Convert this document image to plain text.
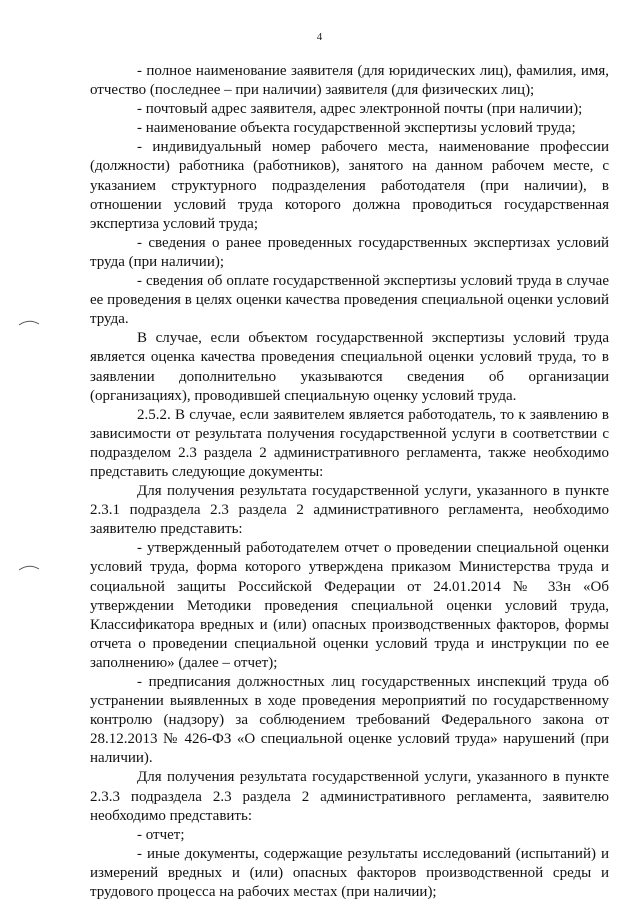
4

- полное наименование заявителя (для юридических лиц), фамилия, имя, отчество (последнее – при наличии) заявителя (для физических лиц);

- почтовый адрес заявителя, адрес электронной почты (при наличии);

- наименование объекта государственной экспертизы условий труда;

- индивидуальный номер рабочего места, наименование профессии (должности) работника (работников), занятого на данном рабочем месте, с указанием структурного подразделения работодателя (при наличии), в отношении условий труда которого должна проводиться государственная экспертиза условий труда;

- сведения о ранее проведенных государственных экспертизах условий труда (при наличии);

- сведения об оплате государственной экспертизы условий труда в случае ее проведения в целях оценки качества проведения специальной оценки условий труда.

В случае, если объектом государственной экспертизы условий труда является оценка качества проведения специальной оценки условий труда, то в заявлении дополнительно указываются сведения об организации (организациях), проводившей специальную оценку условий труда.

2.5.2. В случае, если заявителем является работодатель, то к заявлению в зависимости от результата получения государственной услуги в соответствии с подразделом 2.3 раздела 2 административного регламента, также необходимо представить следующие документы:

Для получения результата государственной услуги, указанного в пункте 2.3.1 подраздела 2.3 раздела 2 административного регламента, необходимо заявителю представить:

- утвержденный работодателем отчет о проведении специальной оценки условий труда, форма которого утверждена приказом Министерства труда и социальной защиты Российской Федерации от 24.01.2014 № 33н «Об утверждении Методики проведения специальной оценки условий труда, Классификатора вредных и (или) опасных производственных факторов, формы отчета о проведении специальной оценки условий труда и инструкции по ее заполнению» (далее – отчет);

- предписания должностных лиц государственных инспекций труда об устранении выявленных в ходе проведения мероприятий по государственному контролю (надзору) за соблюдением требований Федерального закона от 28.12.2013 № 426-ФЗ «О специальной оценке условий труда» нарушений (при наличии).

Для получения результата государственной услуги, указанного в пункте 2.3.3 подраздела 2.3 раздела 2 административного регламента, заявителю необходимо представить:

- отчет;

- иные документы, содержащие результаты исследований (испытаний) и измерений вредных и (или) опасных факторов производственной среды и трудового процесса на рабочих местах (при наличии);
